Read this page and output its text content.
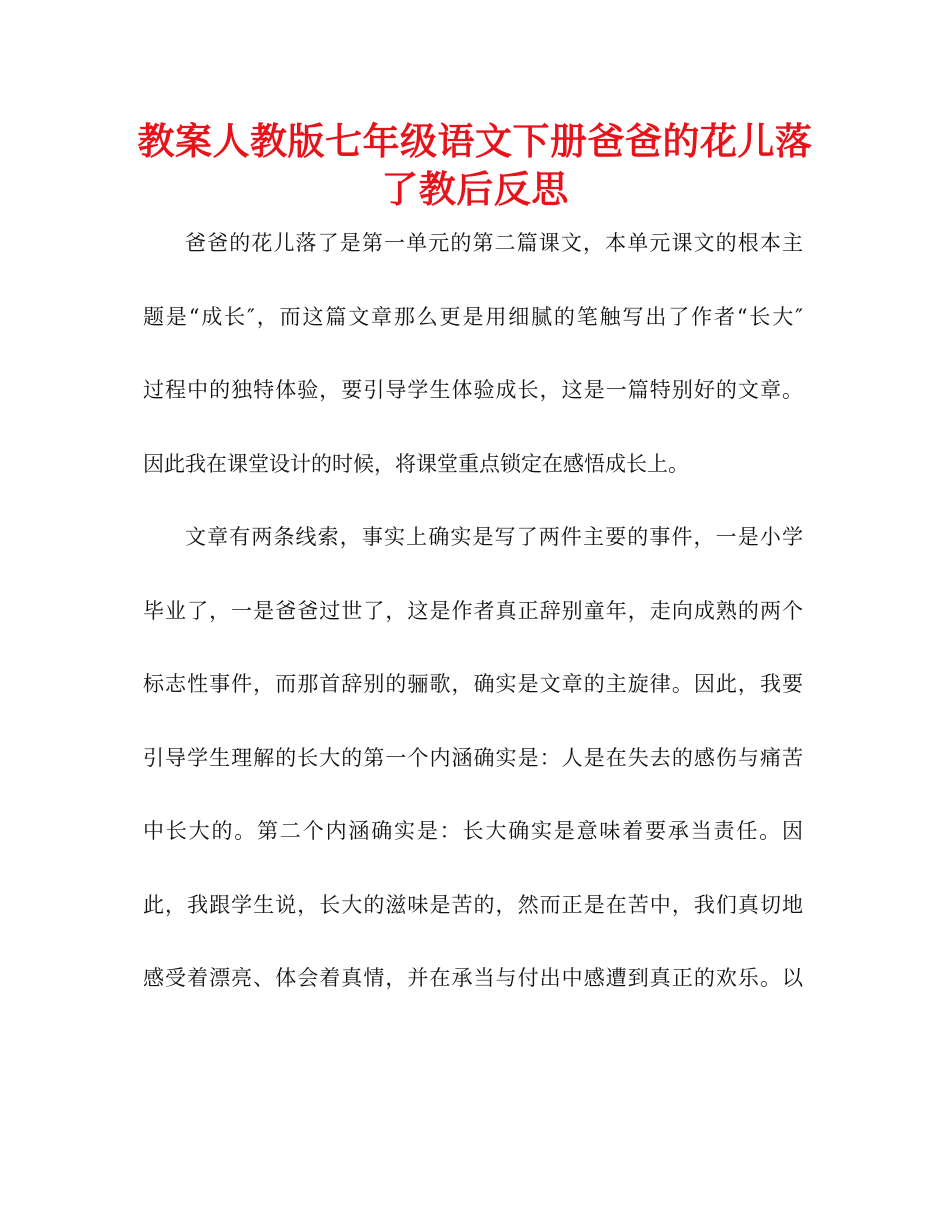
教案人教版七年级语文下册爸爸的花儿落
了教后反思
爸爸的花儿落了是第一单元的第二篇课文，本单元课文的根本主
题是“成长″，而这篇文章那么更是用细腻的笔触写出了作者“长大″
过程中的独特体验，要引导学生体验成长，这是一篇特别好的文章。
因此我在课堂设计的时候，将课堂重点锁定在感悟成长上。
文章有两条线索，事实上确实是写了两件主要的事件，一是小学
毕业了，一是爸爸过世了，这是作者真正辞别童年，走向成熟的两个
标志性事件，而那首辞别的骊歌，确实是文章的主旋律。因此，我要
引导学生理解的长大的第一个内涵确实是：人是在失去的感伤与痛苦
中长大的。第二个内涵确实是：长大确实是意味着要承当责任。因
此，我跟学生说，长大的滋味是苦的，然而正是在苦中，我们真切地
感受着漂亮、体会着真情，并在承当与付出中感遭到真正的欢乐。以
